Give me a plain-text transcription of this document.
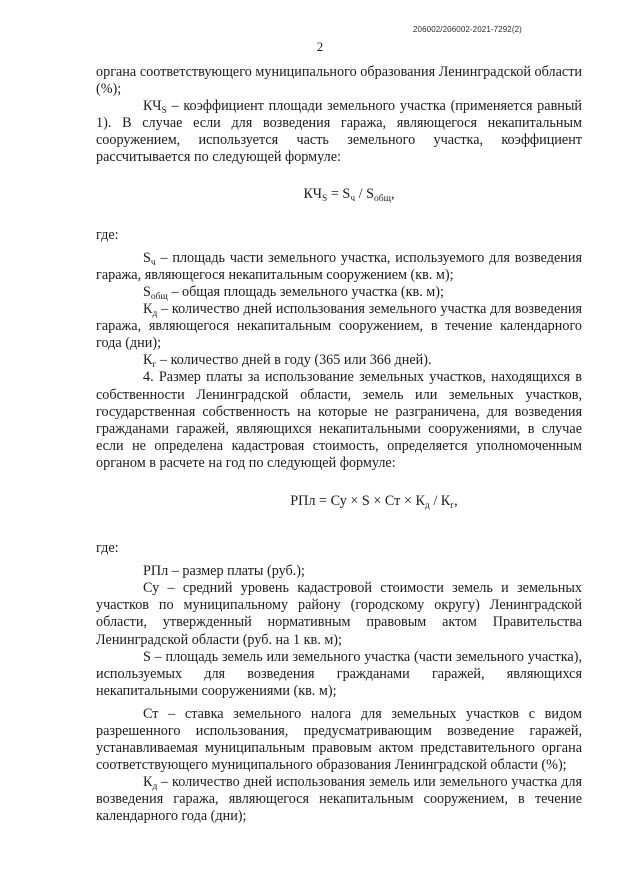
206002/206002-2021-7292(2)
2

органа соответствующего муниципального образования Ленинградской области (%);

$КЧ_S$ – коэффициент площади земельного участка (применяется равный 1). В случае если для возведения гаража, являющегося некапитальным сооружением, используется часть земельного участка, коэффициент рассчитывается по следующей формуле:

$КЧ_S = S_ч / S_{общ}$,

где:

$S_ч$ – площадь части земельного участка, используемого для возведения гаража, являющегося некапитальным сооружением (кв. м);

$S_{общ}$ – общая площадь земельного участка (кв. м);

$К_д$ – количество дней использования земельного участка для возведения гаража, являющегося некапитальным сооружением, в течение календарного года (дни);

$К_г$ – количество дней в году (365 или 366 дней).

4. Размер платы за использование земельных участков, находящихся в собственности Ленинградской области, земель или земельных участков, государственная собственность на которые не разграничена, для возведения гражданами гаражей, являющихся некапитальными сооружениями, в случае если не определена кадастровая стоимость, определяется уполномоченным органом в расчете на год по следующей формуле:

РПл = Су × S × Ст × $К_д / К_г$,

где:

РПл – размер платы (руб.);

Су – средний уровень кадастровой стоимости земель и земельных участков по муниципальному району (городскому округу) Ленинградской области, утвержденный нормативным правовым актом Правительства Ленинградской области (руб. на 1 кв. м);

S – площадь земель или земельного участка (части земельного участка), используемых для возведения гражданами гаражей, являющихся некапитальными сооружениями (кв. м);

Ст – ставка земельного налога для земельных участков с видом разрешенного использования, предусматривающим возведение гаражей, устанавливаемая муниципальным правовым актом представительного органа соответствующего муниципального образования Ленинградской области (%);

$К_д$ – количество дней использования земель или земельного участка для возведения гаража, являющегося некапитальным сооружением, в течение календарного года (дни);
